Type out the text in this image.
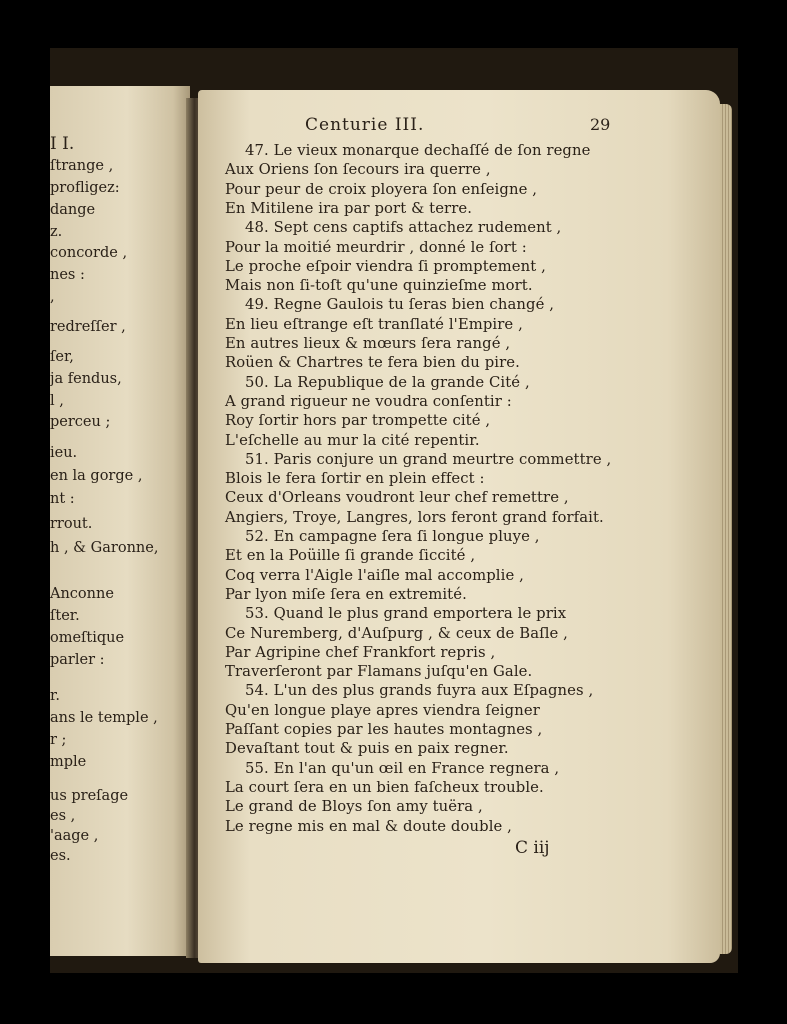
I I.
ſtrange ,
profligez:
dange
z.
concorde ,
nes :
,
redreſſer ,
ſer,
ja fendus,
l ,
perceu ;
ieu.
en la gorge ,
nt :
rrout.
h , & Garonne,
Anconne
ſter.
omeſtique
parler :
r.
ans le temple ,
r ;
mple
us preſage
es ,
'aage ,
es.
Centurie III.	29
47. Le vieux monarque dechaſſé de ſon regne
Aux Oriens ſon ſecours ira querre ,
Pour peur de croix ployera ſon enſeigne ,
En Mitilene ira par port & terre.
48. Sept cens captifs attachez rudement ,
Pour la moitié meurdrir , donné le ſort :
Le proche eſpoir viendra ſi promptement ,
Mais non ſi-toſt qu'une quinzieſme mort.
49. Regne Gaulois tu ſeras bien changé ,
En lieu eſtrange eſt tranſlaté l'Empire ,
En autres lieux & mœurs ſera rangé ,
Roüen & Chartres te fera bien du pire.
50. La Republique de la grande Cité ,
A grand rigueur ne voudra conſentir :
Roy ſortir hors par trompette cité ,
L'eſchelle au mur la cité repentir.
51. Paris conjure un grand meurtre commettre ,
Blois le fera ſortir en plein effect :
Ceux d'Orleans voudront leur chef remettre ,
Angiers, Troye, Langres, lors feront grand forfait.
52. En campagne ſera ſi longue pluye ,
Et en la Poüille ſi grande ſiccité ,
Coq verra l'Aigle l'aiſle mal accomplie ,
Par lyon miſe ſera en extremité.
53. Quand le plus grand emportera le prix
Ce Nuremberg, d'Auſpurg , & ceux de Baſle ,
Par Agripine chef Frankfort repris ,
Traverſeront par Flamans juſqu'en Gale.
54. L'un des plus grands fuyra aux Eſpagnes ,
Qu'en longue playe apres viendra ſeigner
Paſſant copies par les hautes montagnes ,
Devaſtant tout & puis en paix regner.
55. En l'an qu'un œil en France regnera ,
La court ſera en un bien faſcheux trouble.
Le grand de Bloys ſon amy tuëra ,
Le regne mis en mal & doute double ,
C iij
